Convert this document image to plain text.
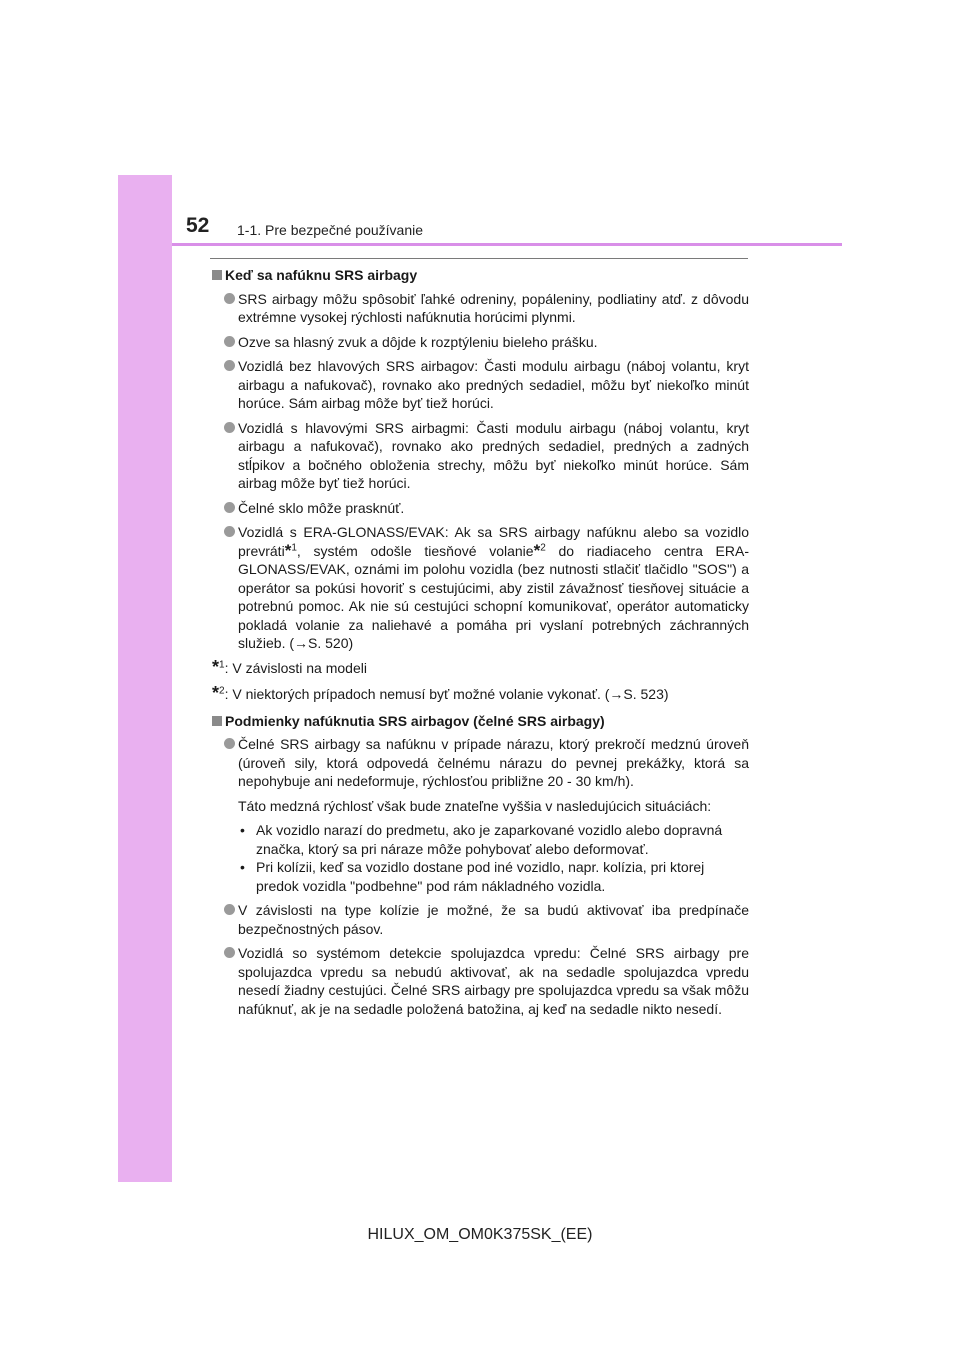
52 1-1. Pre bezpečné používanie
Keď sa nafúknu SRS airbagy
SRS airbagy môžu spôsobiť ľahké odreniny, popáleniny, podliatiny atď. z dôvodu extrémne vysokej rýchlosti nafúknutia horúcimi plynmi.
Ozve sa hlasný zvuk a dôjde k rozptýleniu bieleho prášku.
Vozidlá bez hlavových SRS airbagov: Časti modulu airbagu (náboj volantu, kryt airbagu a nafukovač), rovnako ako predných sedadiel, môžu byť niekoľko minút horúce. Sám airbag môže byť tiež horúci.
Vozidlá s hlavovými SRS airbagmi: Časti modulu airbagu (náboj volantu, kryt airbagu a nafukovač), rovnako ako predných sedadiel, predných a zadných stĺpikov a bočného obloženia strechy, môžu byť niekoľko minút horúce. Sám airbag môže byť tiež horúci.
Čelné sklo môže prasknúť.
Vozidlá s ERA-GLONASS/EVAK: Ak sa SRS airbagy nafúknu alebo sa vozidlo prevráti*$^1$, systém odošle tiesňové volanie*$^2$ do riadiaceho centra ERA-GLONASS/EVAK, oznámi im polohu vozidla (bez nutnosti stlačiť tlačidlo "SOS") a operátor sa pokúsi hovoriť s cestujúcimi, aby zistil závažnosť tiesňovej situácie a potrebnú pomoc. Ak nie sú cestujúci schopní komunikovať, operátor automaticky pokladá volanie za naliehavé a pomáha pri vyslaní potrebných záchranných služieb. (→S. 520)
*$^1$ : V závislosti na modeli
*$^2$ : V niektorých prípadoch nemusí byť možné volanie vykonať. (→S. 523)
Podmienky nafúknutia SRS airbagov (čelné SRS airbagy)
Čelné SRS airbagy sa nafúknu v prípade nárazu, ktorý prekročí medznú úroveň (úroveň sily, ktorá odpovedá čelnému nárazu do pevnej prekážky, ktorá sa nepohybuje ani nedeformuje, rýchlosťou približne 20 - 30 km/h).
Táto medzná rýchlosť však bude znateľne vyššia v nasledujúcich situáciách:
• Ak vozidlo narazí do predmetu, ako je zaparkované vozidlo alebo dopravná značka, ktorý sa pri náraze môže pohybovať alebo deformovať.
• Pri kolízii, keď sa vozidlo dostane pod iné vozidlo, napr. kolízia, pri ktorej predok vozidla "podbehne" pod rám nákladného vozidla.
V závislosti na type kolízie je možné, že sa budú aktivovať iba predpínače bezpečnostných pásov.
Vozidlá so systémom detekcie spolujazdca vpredu: Čelné SRS airbagy pre spolujazdca vpredu sa nebudú aktivovať, ak na sedadle spolujazdca vpredu nesedí žiadny cestujúci. Čelné SRS airbagy pre spolujazdca vpredu sa však môžu nafúknuť, ak je na sedadle položená batožina, aj keď na sedadle nikto nesedí.
HILUX_OM_OM0K375SK_(EE)
